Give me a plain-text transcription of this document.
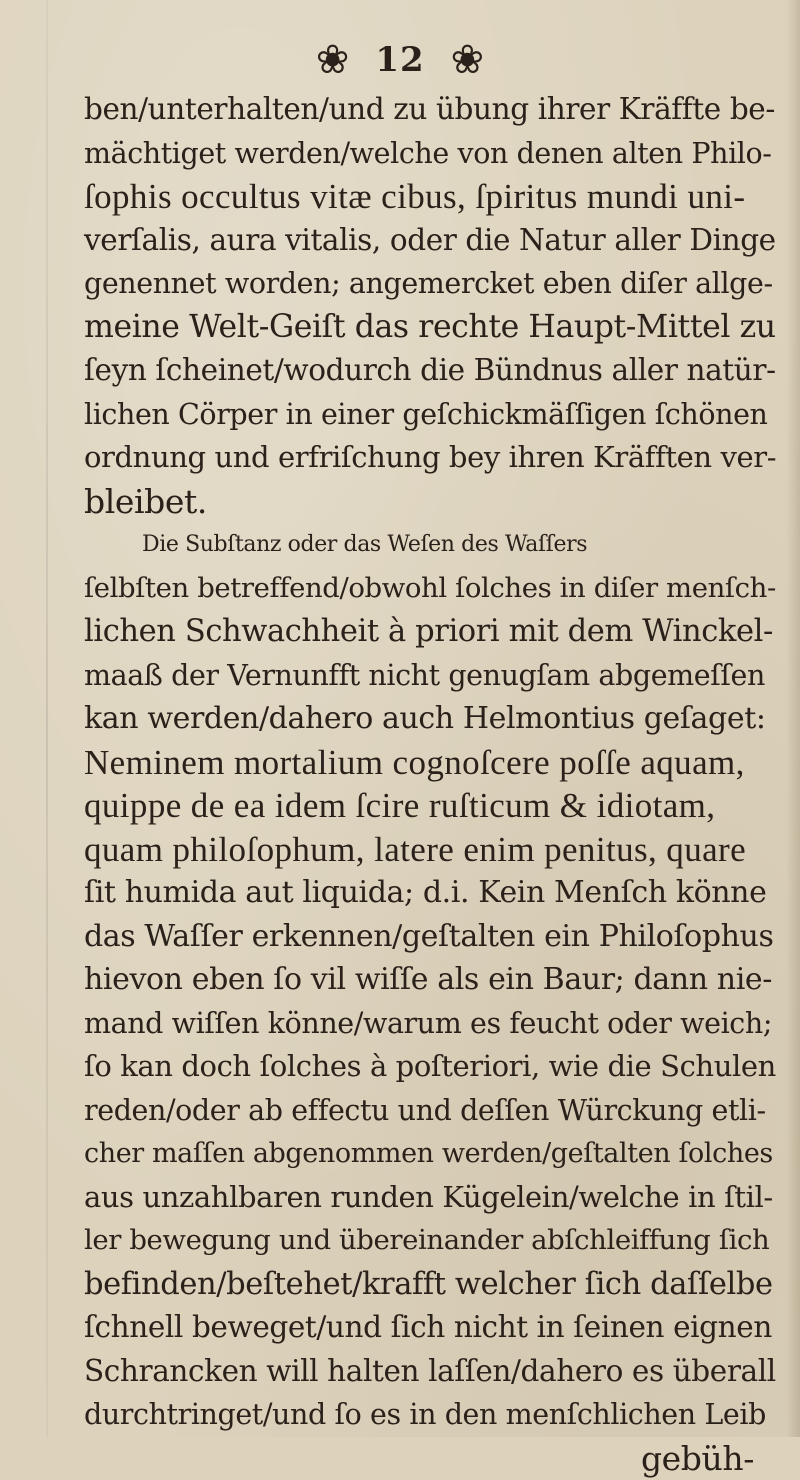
❀ 12 ❀
ben/unterhalten/und zu übung ihrer Kräffte be-
mächtiget werden/welche von denen alten Philo-
ſophis occultus vitæ cibus, ſpiritus mundi uni-
verſalis, aura vitalis, oder die Natur aller Dinge
genennet worden; angemercket eben diſer allge-
meine Welt-Geiſt das rechte Haupt-Mittel zu
ſeyn ſcheinet/wodurch die Bündnus aller natür-
lichen Cörper in einer geſchickmäſſigen ſchönen
ordnung und erfriſchung bey ihren Kräfften ver-
bleibet.
Die Subſtanz oder das Weſen des Waſſers
ſelbſten betreffend/obwohl ſolches in diſer menſch-
lichen Schwachheit à priori mit dem Winckel-
maaß der Vernunfft nicht genugſam abgemeſſen
kan werden/dahero auch Helmontius geſaget:
Neminem mortalium cognoſcere poſſe aquam,
quippe de ea idem ſcire ruſticum & idiotam,
quam philoſophum, latere enim penitus, quare
ſit humida aut liquida; d.i. Kein Menſch könne
das Waſſer erkennen/geſtalten ein Philoſophus
hievon eben ſo vil wiſſe als ein Baur; dann nie-
mand wiſſen könne/warum es feucht oder weich;
ſo kan doch ſolches à poſteriori, wie die Schulen
reden/oder ab effectu und deſſen Würckung etli-
cher maſſen abgenommen werden/geſtalten ſolches
aus unzahlbaren runden Kügelein/welche in ſtil-
ler bewegung und übereinander abſchleiffung ſich
befinden/beſtehet/krafft welcher ſich daſſelbe
ſchnell beweget/und ſich nicht in ſeinen eignen
Schrancken will halten laſſen/dahero es überall
durchtringet/und ſo es in den menſchlichen Leib
gebüh-
